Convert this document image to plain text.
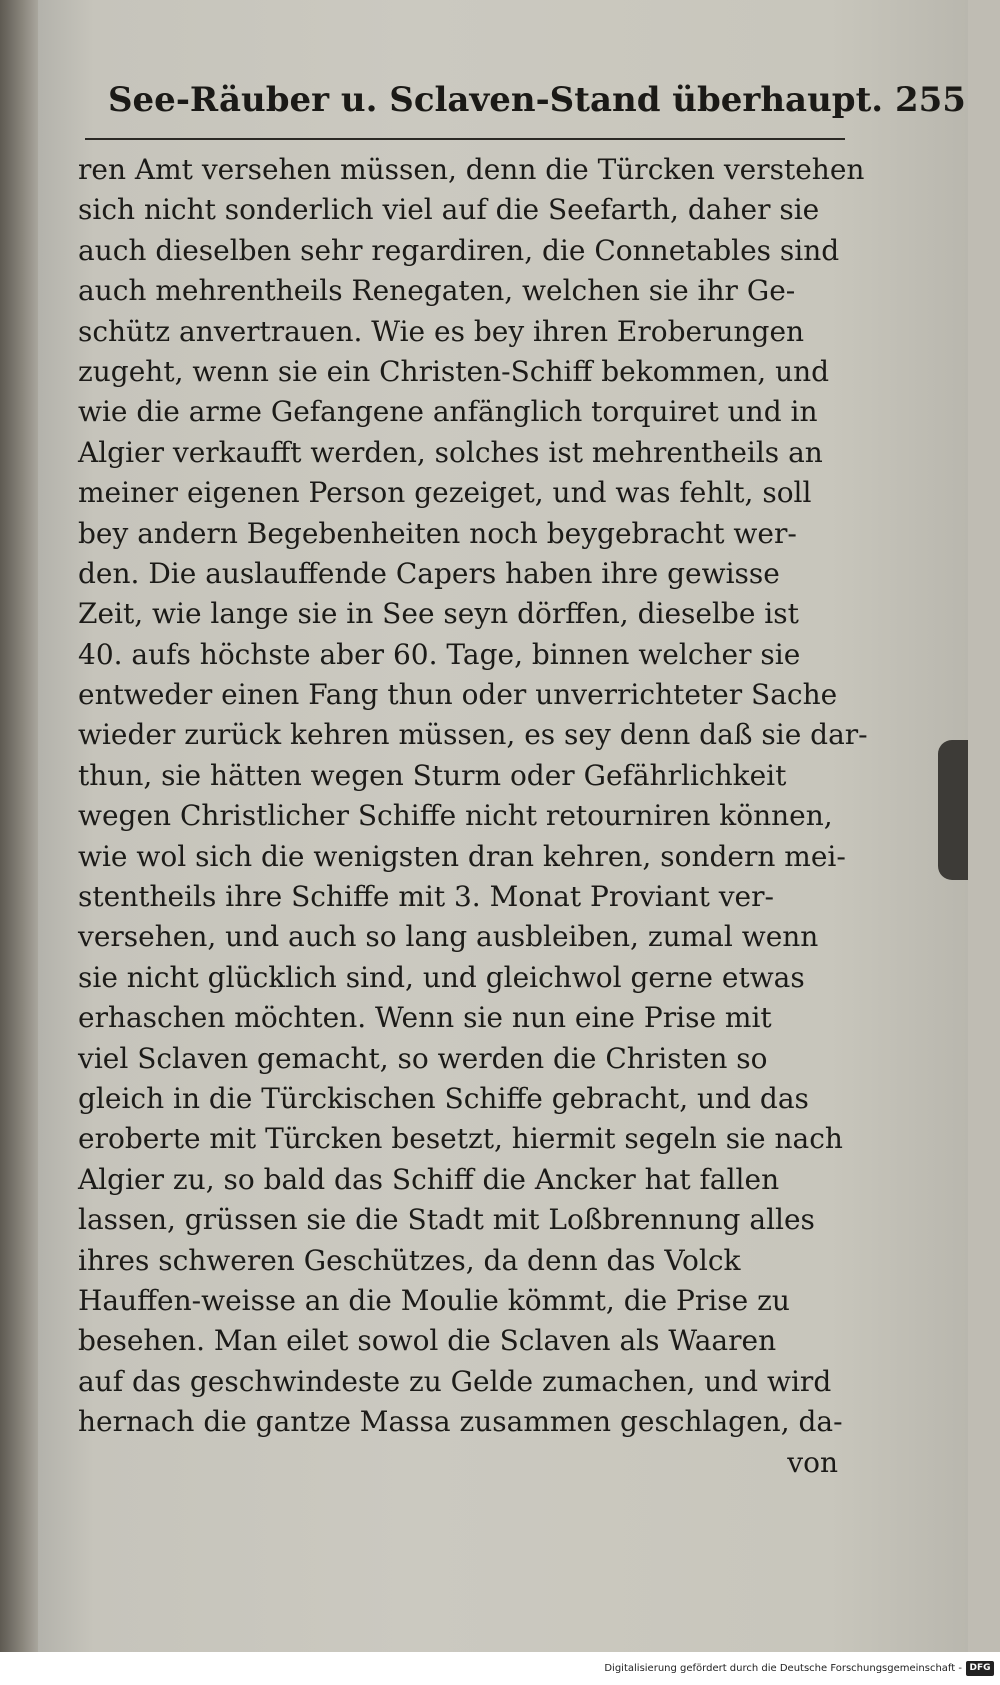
See-Räuber u. Sclaven-Stand überhaupt. 255
ren Amt versehen müssen, denn die Türcken verstehen
sich nicht sonderlich viel auf die Seefarth, daher sie
auch dieselben sehr regardiren, die Connetables sind
auch mehrentheils Renegaten, welchen sie ihr Ge-
schütz anvertrauen. Wie es bey ihren Eroberungen
zugeht, wenn sie ein Christen-Schiff bekommen, und
wie die arme Gefangene anfänglich torquiret und in
Algier verkaufft werden, solches ist mehrentheils an
meiner eigenen Person gezeiget, und was fehlt, soll
bey andern Begebenheiten noch beygebracht wer-
den. Die auslauffende Capers haben ihre gewisse
Zeit, wie lange sie in See seyn dörffen, dieselbe ist
40. aufs höchste aber 60. Tage, binnen welcher sie
entweder einen Fang thun oder unverrichteter Sache
wieder zurück kehren müssen, es sey denn daß sie dar-
thun, sie hätten wegen Sturm oder Gefährlichkeit
wegen Christlicher Schiffe nicht retourniren können,
wie wol sich die wenigsten dran kehren, sondern mei-
stentheils ihre Schiffe mit 3. Monat Proviant ver-
versehen, und auch so lang ausbleiben, zumal wenn
sie nicht glücklich sind, und gleichwol gerne etwas
erhaschen möchten. Wenn sie nun eine Prise mit
viel Sclaven gemacht, so werden die Christen so
gleich in die Türckischen Schiffe gebracht, und das
eroberte mit Türcken besetzt, hiermit segeln sie nach
Algier zu, so bald das Schiff die Ancker hat fallen
lassen, grüssen sie die Stadt mit Loßbrennung alles
ihres schweren Geschützes, da denn das Volck
Hauffen-weisse an die Moulie kömmt, die Prise zu
besehen. Man eilet sowol die Sclaven als Waaren
auf das geschwindeste zu Gelde zumachen, und wird
hernach die gantze Massa zusammen geschlagen, da-
von
Digitalisierung gefördert durch die Deutsche Forschungsgemeinschaft - DFG
